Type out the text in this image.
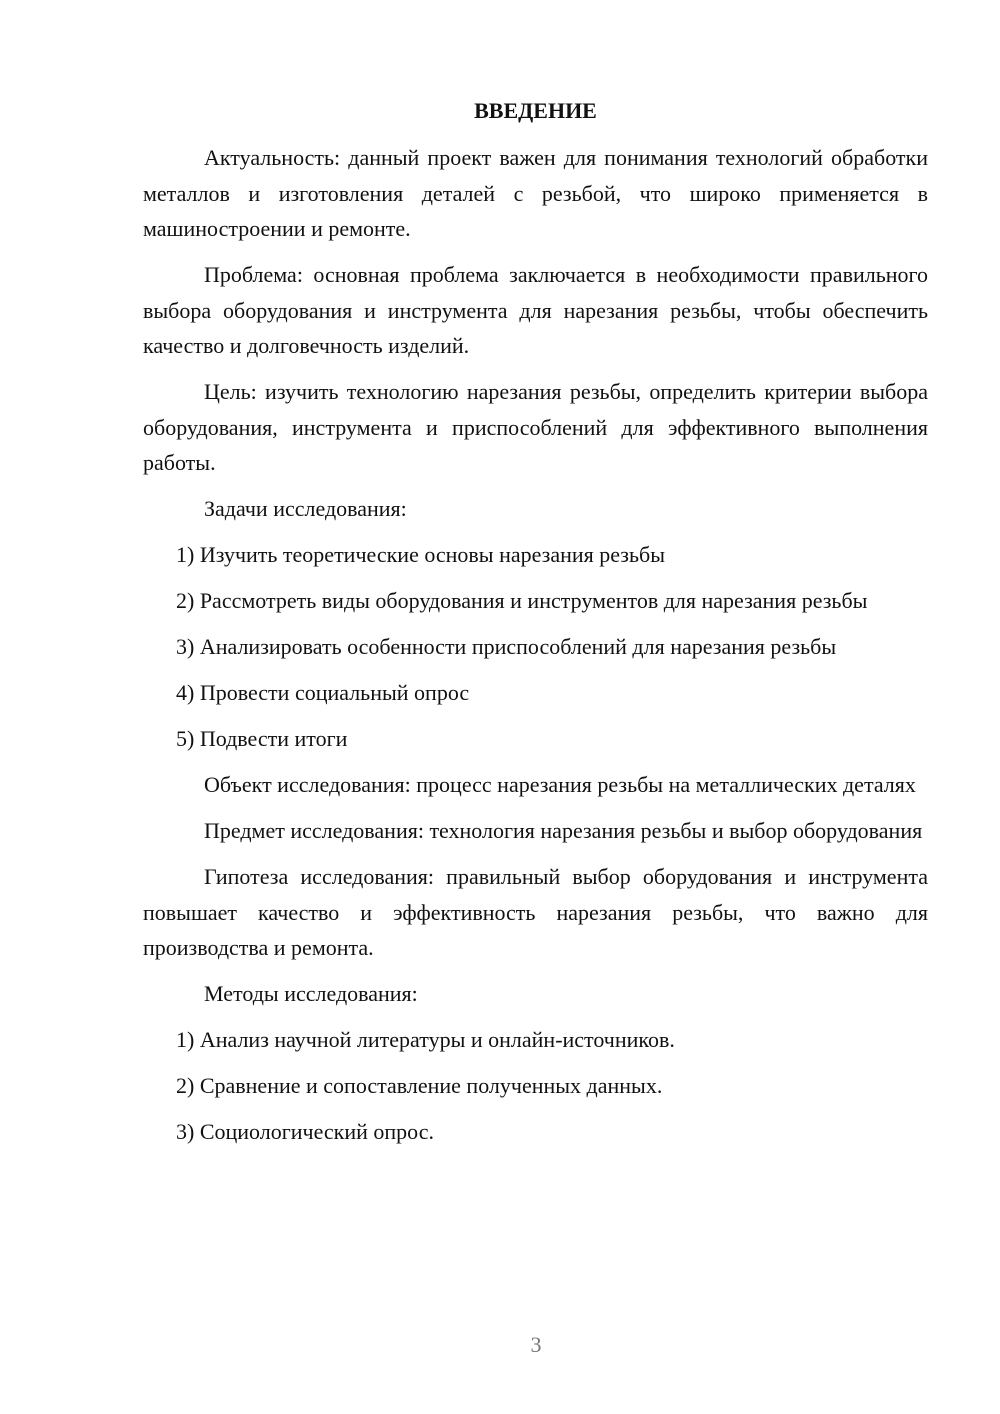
ВВЕДЕНИЕ

Актуальность: данный проект важен для понимания технологий обработки металлов и изготовления деталей с резьбой, что широко применяется в машиностроении и ремонте.

Проблема: основная проблема заключается в необходимости правильного выбора оборудования и инструмента для нарезания резьбы, чтобы обеспечить качество и долговечность изделий.

Цель: изучить технологию нарезания резьбы, определить критерии выбора оборудования, инструмента и приспособлений для эффективного выполнения работы.

Задачи исследования:

1) Изучить теоретические основы нарезания резьбы

2) Рассмотреть виды оборудования и инструментов для нарезания резьбы

3) Анализировать особенности приспособлений для нарезания резьбы

4) Провести социальный опрос

5) Подвести итоги

Объект исследования: процесс нарезания резьбы на металлических деталях

Предмет исследования: технология нарезания резьбы и выбор оборудования

Гипотеза исследования: правильный выбор оборудования и инструмента повышает качество и эффективность нарезания резьбы, что важно для производства и ремонта.

Методы исследования:

1) Анализ научной литературы и онлайн-источников.

2) Сравнение и сопоставление полученных данных.

3) Социологический опрос.

3
